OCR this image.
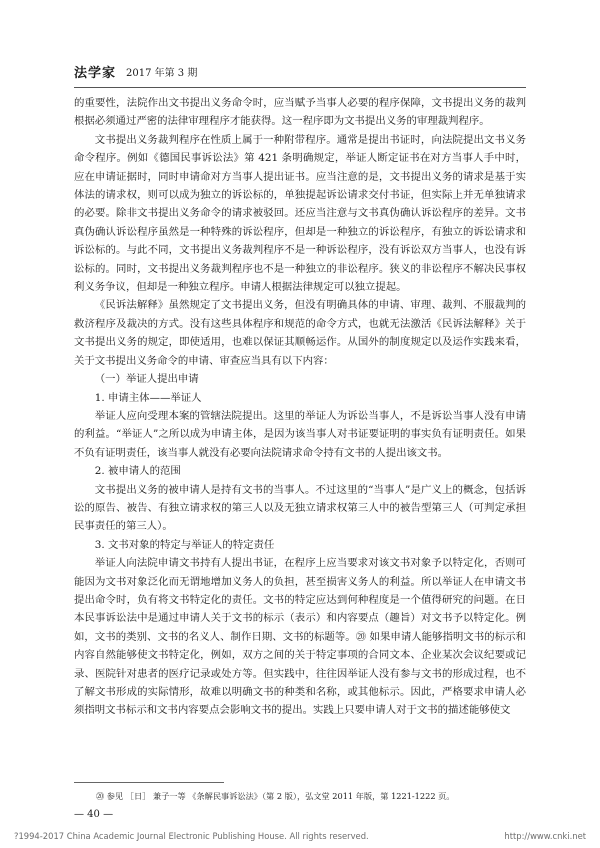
法学家 2017 年第 3 期

的重要性，法院作出文书提出义务命令时，应当赋予当事人必要的程序保障，文书提出义务的裁判根据必须通过严密的法律审理程序才能获得。这一程序即为文书提出义务的审理裁判程序。

文书提出义务裁判程序在性质上属于一种附带程序。通常是提出书证时，向法院提出文书义务命令程序。例如《德国民事诉讼法》第 421 条明确规定，举证人断定证书在对方当事人手中时，应在申请证据时，同时申请命对方当事人提出证书。应当注意的是，文书提出义务的请求是基于实体法的请求权，则可以成为独立的诉讼标的，单独提起诉讼请求交付书证，但实际上并无单独请求的必要。除非文书提出义务命令的请求被驳回。还应当注意与文书真伪确认诉讼程序的差异。文书真伪确认诉讼程序虽然是一种特殊的诉讼程序，但却是一种独立的诉讼程序，有独立的诉讼请求和诉讼标的。与此不同，文书提出义务裁判程序不是一种诉讼程序，没有诉讼双方当事人，也没有诉讼标的。同时，文书提出义务裁判程序也不是一种独立的非讼程序。狭义的非讼程序不解决民事权利义务争议，但却是一种独立程序。申请人根据法律规定可以独立提起。

《民诉法解释》虽然规定了文书提出义务，但没有明确具体的申请、审理、裁判、不服裁判的救济程序及裁决的方式。没有这些具体程序和规范的命令方式，也就无法激活《民诉法解释》关于文书提出义务的规定，即使适用，也难以保证其顺畅运作。从国外的制度规定以及运作实践来看，关于文书提出义务命令的申请、审查应当具有以下内容：

（一）举证人提出申请

1. 申请主体——举证人

举证人应向受理本案的管辖法院提出。这里的举证人为诉讼当事人，不是诉讼当事人没有申请的利益。“举证人”之所以成为申请主体，是因为该当事人对书证要证明的事实负有证明责任。如果不负有证明责任，该当事人就没有必要向法院请求命令持有文书的人提出该文书。

2. 被申请人的范围

文书提出义务的被申请人是持有文书的当事人。不过这里的“当事人”是广义上的概念，包括诉讼的原告、被告、有独立请求权的第三人以及无独立请求权第三人中的被告型第三人（可判定承担民事责任的第三人）。

3. 文书对象的特定与举证人的特定责任

举证人向法院申请文书持有人提出书证，在程序上应当要求对该文书对象予以特定化，否则可能因为文书对象泛化而无谓地增加义务人的负担，甚至损害义务人的利益。所以举证人在申请文书提出命令时，负有将文书特定化的责任。文书的特定应达到何种程度是一个值得研究的问题。在日本民事诉讼法中是通过申请人关于文书的标示（表示）和内容要点（趣旨）对文书予以特定化。例如，文书的类别、文书的名义人、制作日期、文书的标题等。⑳ 如果申请人能够指明文书的标示和内容自然能够使文书特定化，例如，双方之间的关于特定事项的合同文本、企业某次会议纪要或记录、医院针对患者的医疗记录或处方等。但实践中，往往因举证人没有参与文书的形成过程，也不了解文书形成的实际情形，故难以明确文书的种类和名称，或其他标示。因此，严格要求申请人必须指明文书标示和文书内容要点会影响文书的提出。实践上只要申请人对于文书的描述能够使文

⑳ 参见 ［日］ 兼子一等 《条解民事诉讼法》（第 2 版），弘文堂 2011 年版，第 1221-1222 页。
— 40 —
?1994-2017 China Academic Journal Electronic Publishing House. All rights reserved.	http://www.cnki.net
